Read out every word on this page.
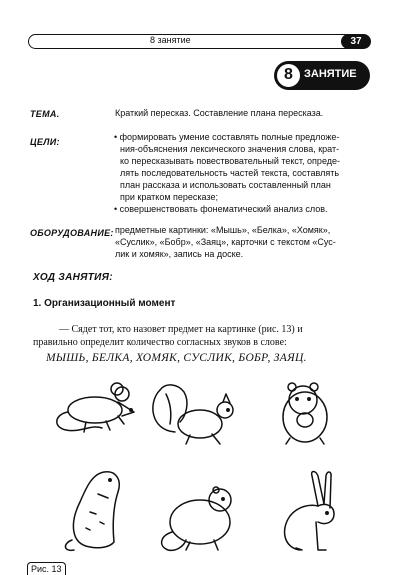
8 занятие	37
8	ЗАНЯТИЕ
ТЕМА.	Краткий пересказ. Составление плана пересказа.
ЦЕЛИ:	• формировать умение составлять полные предложе-
ния-объяснения лексического значения слова, крат-
ко пересказывать повествовательный текст, опреде-
лять последовательность частей текста, составлять
план рассказа и использовать составленный план
при кратком пересказе;
• совершенствовать фонематический анализ слов.
ОБОРУДОВАНИЕ: предметные картинки: «Мышь», «Белка», «Хомяк»,
«Суслик», «Бобр», «Заяц», карточки с текстом «Сус-
лик и хомяк», запись на доске.
ХОД ЗАНЯТИЯ:
1. Организационный момент
— Сядет тот, кто назовет предмет на картинке (рис. 13) и
правильно определит количество согласных звуков в слове:
МЫШЬ, БЕЛКА, ХОМЯК, СУСЛИК, БОБР, ЗАЯЦ.
Рис. 13
